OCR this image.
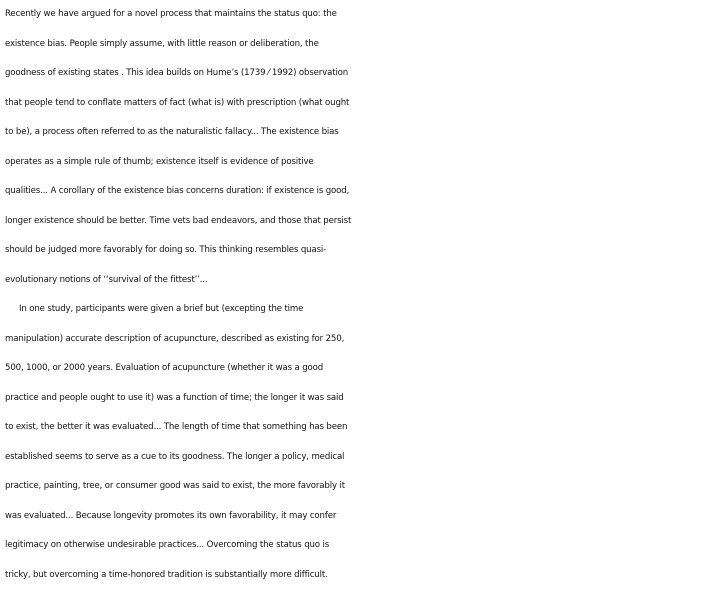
Recently we have argued for a novel process that maintains the status quo: the
existence bias. People simply assume, with little reason or deliberation, the
goodness of existing states . This idea builds on Hume’s (1739 ⁄ 1992) observation
that people tend to conflate matters of fact (what is) with prescription (what ought
to be), a process often referred to as the naturalistic fallacy... The existence bias
operates as a simple rule of thumb; existence itself is evidence of positive
qualities... A corollary of the existence bias concerns duration: if existence is good,
longer existence should be better. Time vets bad endeavors, and those that persist
should be judged more favorably for doing so. This thinking resembles quasi-
evolutionary notions of ‘‘survival of the fittest’’...
In one study, participants were given a brief but (excepting the time
manipulation) accurate description of acupuncture, described as existing for 250,
500, 1000, or 2000 years. Evaluation of acupuncture (whether it was a good
practice and people ought to use it) was a function of time; the longer it was said
to exist, the better it was evaluated... The length of time that something has been
established seems to serve as a cue to its goodness. The longer a policy, medical
practice, painting, tree, or consumer good was said to exist, the more favorably it
was evaluated... Because longevity promotes its own favorability, it may confer
legitimacy on otherwise undesirable practices... Overcoming the status quo is
tricky, but overcoming a time-honored tradition is substantially more difficult.
